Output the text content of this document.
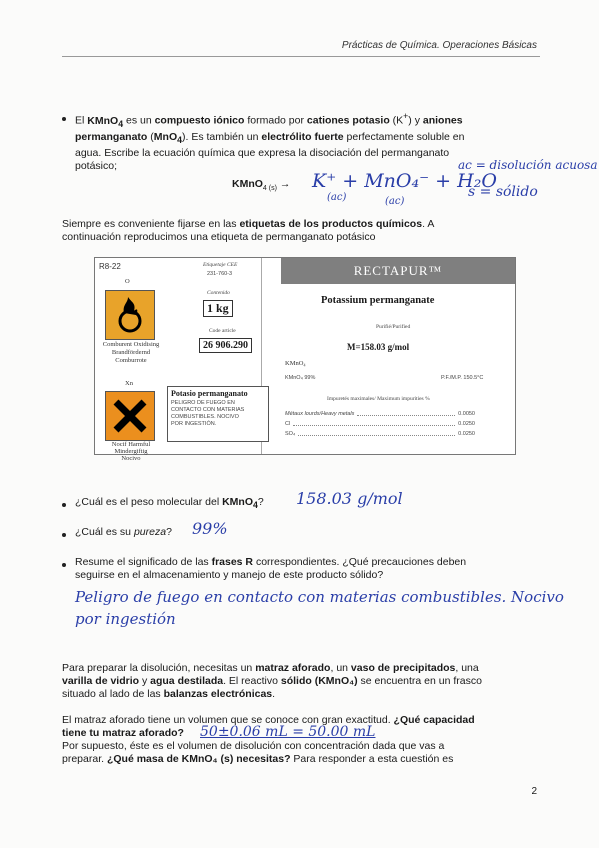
Prácticas de Química. Operaciones Básicas
El KMnO$_4$ es un compuesto iónico formado por cationes potasio (K+) y aniones
permanganato (MnO$_4$). Es también un electrólito fuerte perfectamente soluble en
agua. Escribe la ecuación química que expresa la disociación del permanganato
potásico;
KMnO$_{4 (s)}$ → K⁺ + MnO₄⁻ + H₂O
(ac)	(ac)
ac = disolución acuosa
s = sólido
Siempre es conveniente fijarse en las etiquetas de los productos químicos. A
continuación reproducimos una etiqueta de permanganato potásico
R8-22
O
Comburent Oxidising
Brandfördernd
Comburrote
Xn
Nocif Harmful
Mindergiftig
Nocivo
Etiquetaje CEE
231-760-3
Contenido
1 kg
Code article
26 906.290
Potasio permanganato
PELIGRO DE FUEGO EN
CONTACTO CON MATERIAS
COMBUSTIBLES. NOCIVO
POR INGESTIÓN.
RECTAPUR™
Potassium permanganate
Purifié/Purified
M=158.03 g/mol
KMnO₄
KMnO₄ 99%	P.F./M.P. 150.5°C
Impuretés maximales/ Maximum impurities %
Métaux lourds/Heavy metals	0.0050
Cl	0.0250
SO₄	0.0250
¿Cuál es el peso molecular del KMnO$_4$? 158.03 g/mol
¿Cuál es su pureza? 99%
Resume el significado de las frases R correspondientes. ¿Qué precauciones deben
seguirse en el almacenamiento y manejo de este producto sólido?
Peligro de fuego en contacto con materias combustibles. Nocivo
por ingestión
Para preparar la disolución, necesitas un matraz aforado, un vaso de precipitados, una
varilla de vidrio y agua destilada. El reactivo sólido (KMnO₄) se encuentra en un frasco
situado al lado de las balanzas electrónicas.
El matraz aforado tiene un volumen que se conoce con gran exactitud. ¿Qué capacidad
tiene tu matraz aforado?
Por supuesto, éste es el volumen de disolución con concentración dada que vas a
preparar. ¿Qué masa de KMnO₄ (s) necesitas? Para responder a esta cuestión es
50±0.06 mL = 50.00 mL
2
